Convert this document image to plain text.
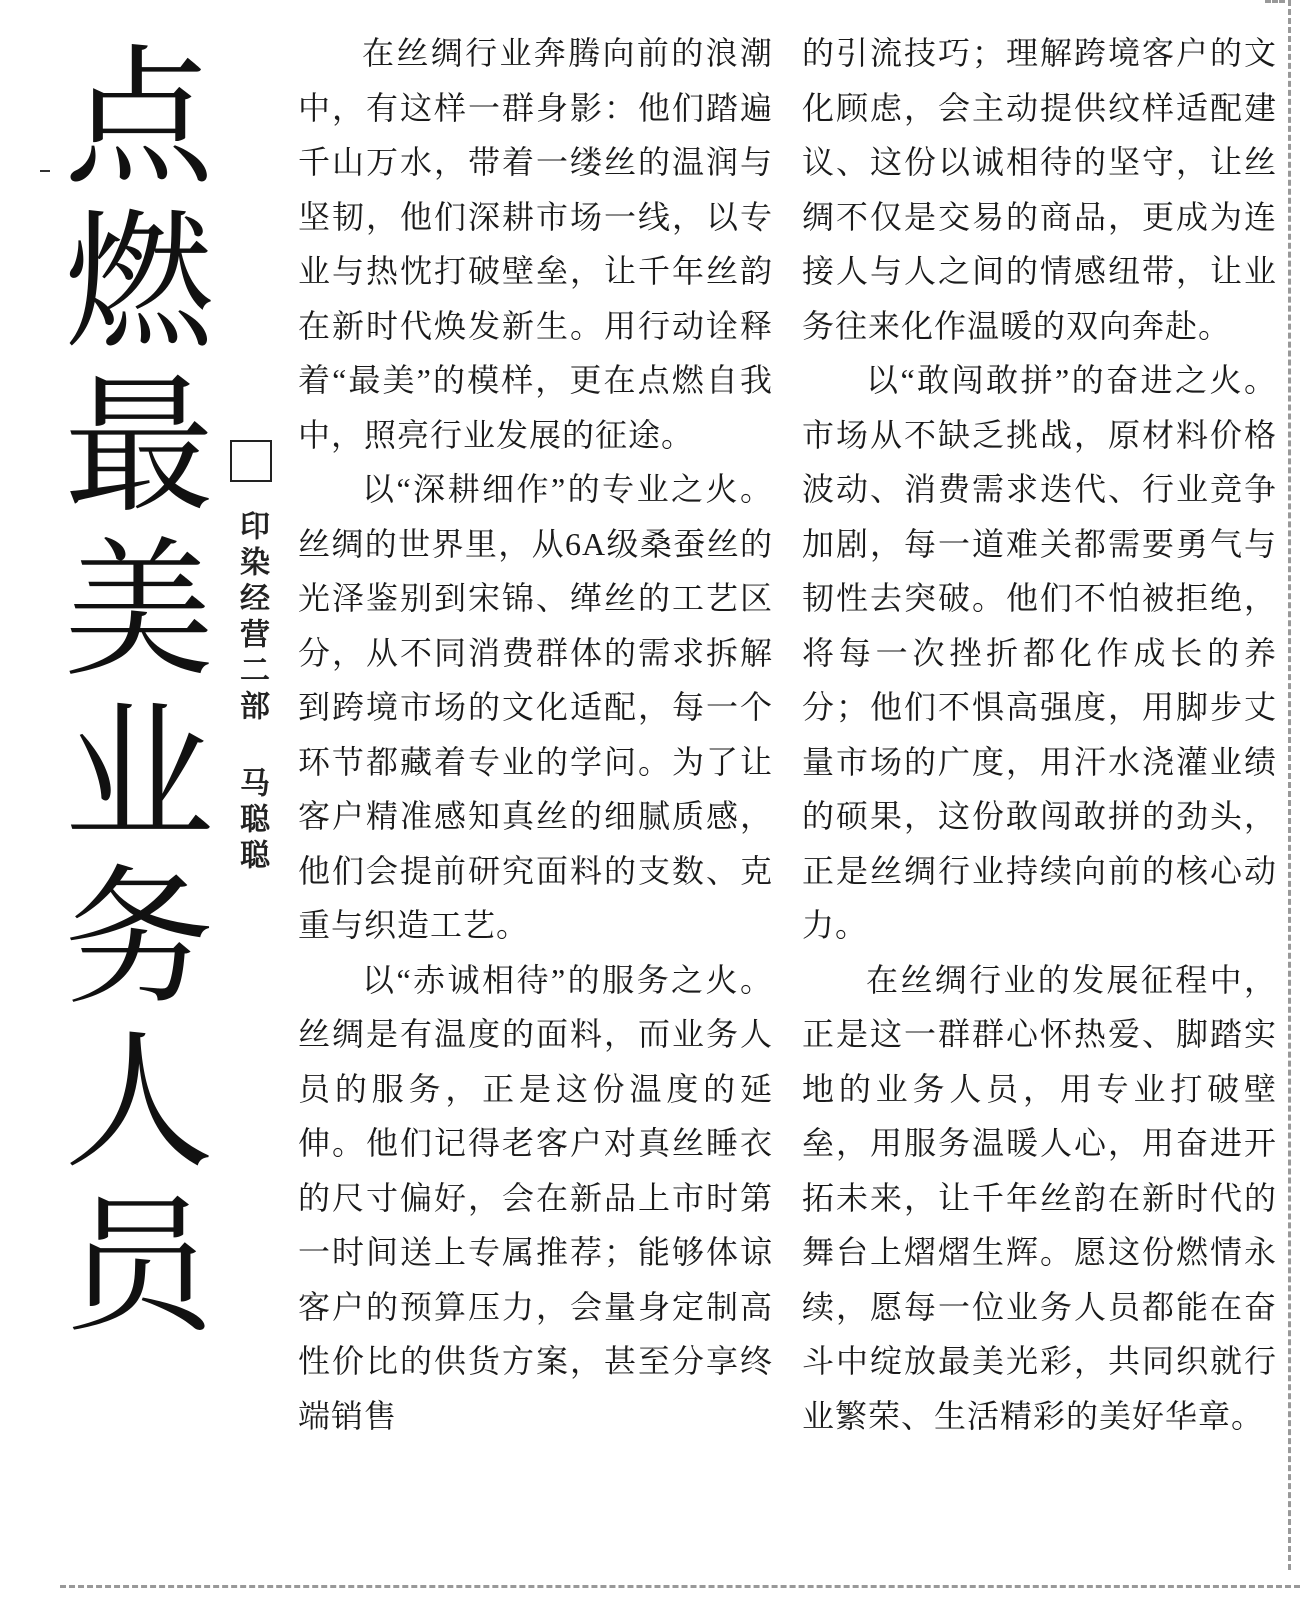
点燃最美业务人员 印染经营二部 马聪聪

在丝绸行业奔腾向前的浪潮中，有这样一群身影：他们踏遍千山万水，带着一缕丝的温润与坚韧，他们深耕市场一线，以专业与热忱打破壁垒，让千年丝韵在新时代焕发新生。用行动诠释着“最美”的模样，更在点燃自我中，照亮行业发展的征途。

以“深耕细作”的专业之火。丝绸的世界里，从6A级桑蚕丝的光泽鉴别到宋锦、缂丝的工艺区分，从不同消费群体的需求拆解到跨境市场的文化适配，每一个环节都藏着专业的学问。为了让客户精准感知真丝的细腻质感，他们会提前研究面料的支数、克重与织造工艺。

以“赤诚相待”的服务之火。丝绸是有温度的面料，而业务人员的服务，正是这份温度的延伸。他们记得老客户对真丝睡衣的尺寸偏好，会在新品上市时第一时间送上专属推荐；能够体谅客户的预算压力，会量身定制高性价比的供货方案，甚至分享终端销售

的引流技巧；理解跨境客户的文化顾虑，会主动提供纹样适配建议、这份以诚相待的坚守，让丝绸不仅是交易的商品，更成为连接人与人之间的情感纽带，让业务往来化作温暖的双向奔赴。

以“敢闯敢拼”的奋进之火。市场从不缺乏挑战，原材料价格波动、消费需求迭代、行业竞争加剧，每一道难关都需要勇气与韧性去突破。他们不怕被拒绝，将每一次挫折都化作成长的养分；他们不惧高强度，用脚步丈量市场的广度，用汗水浇灌业绩的硕果，这份敢闯敢拼的劲头，正是丝绸行业持续向前的核心动力。

在丝绸行业的发展征程中，正是这一群群心怀热爱、脚踏实地的业务人员，用专业打破壁垒，用服务温暖人心，用奋进开拓未来，让千年丝韵在新时代的舞台上熠熠生辉。愿这份燃情永续，愿每一位业务人员都能在奋斗中绽放最美光彩，共同织就行业繁荣、生活精彩的美好华章。
